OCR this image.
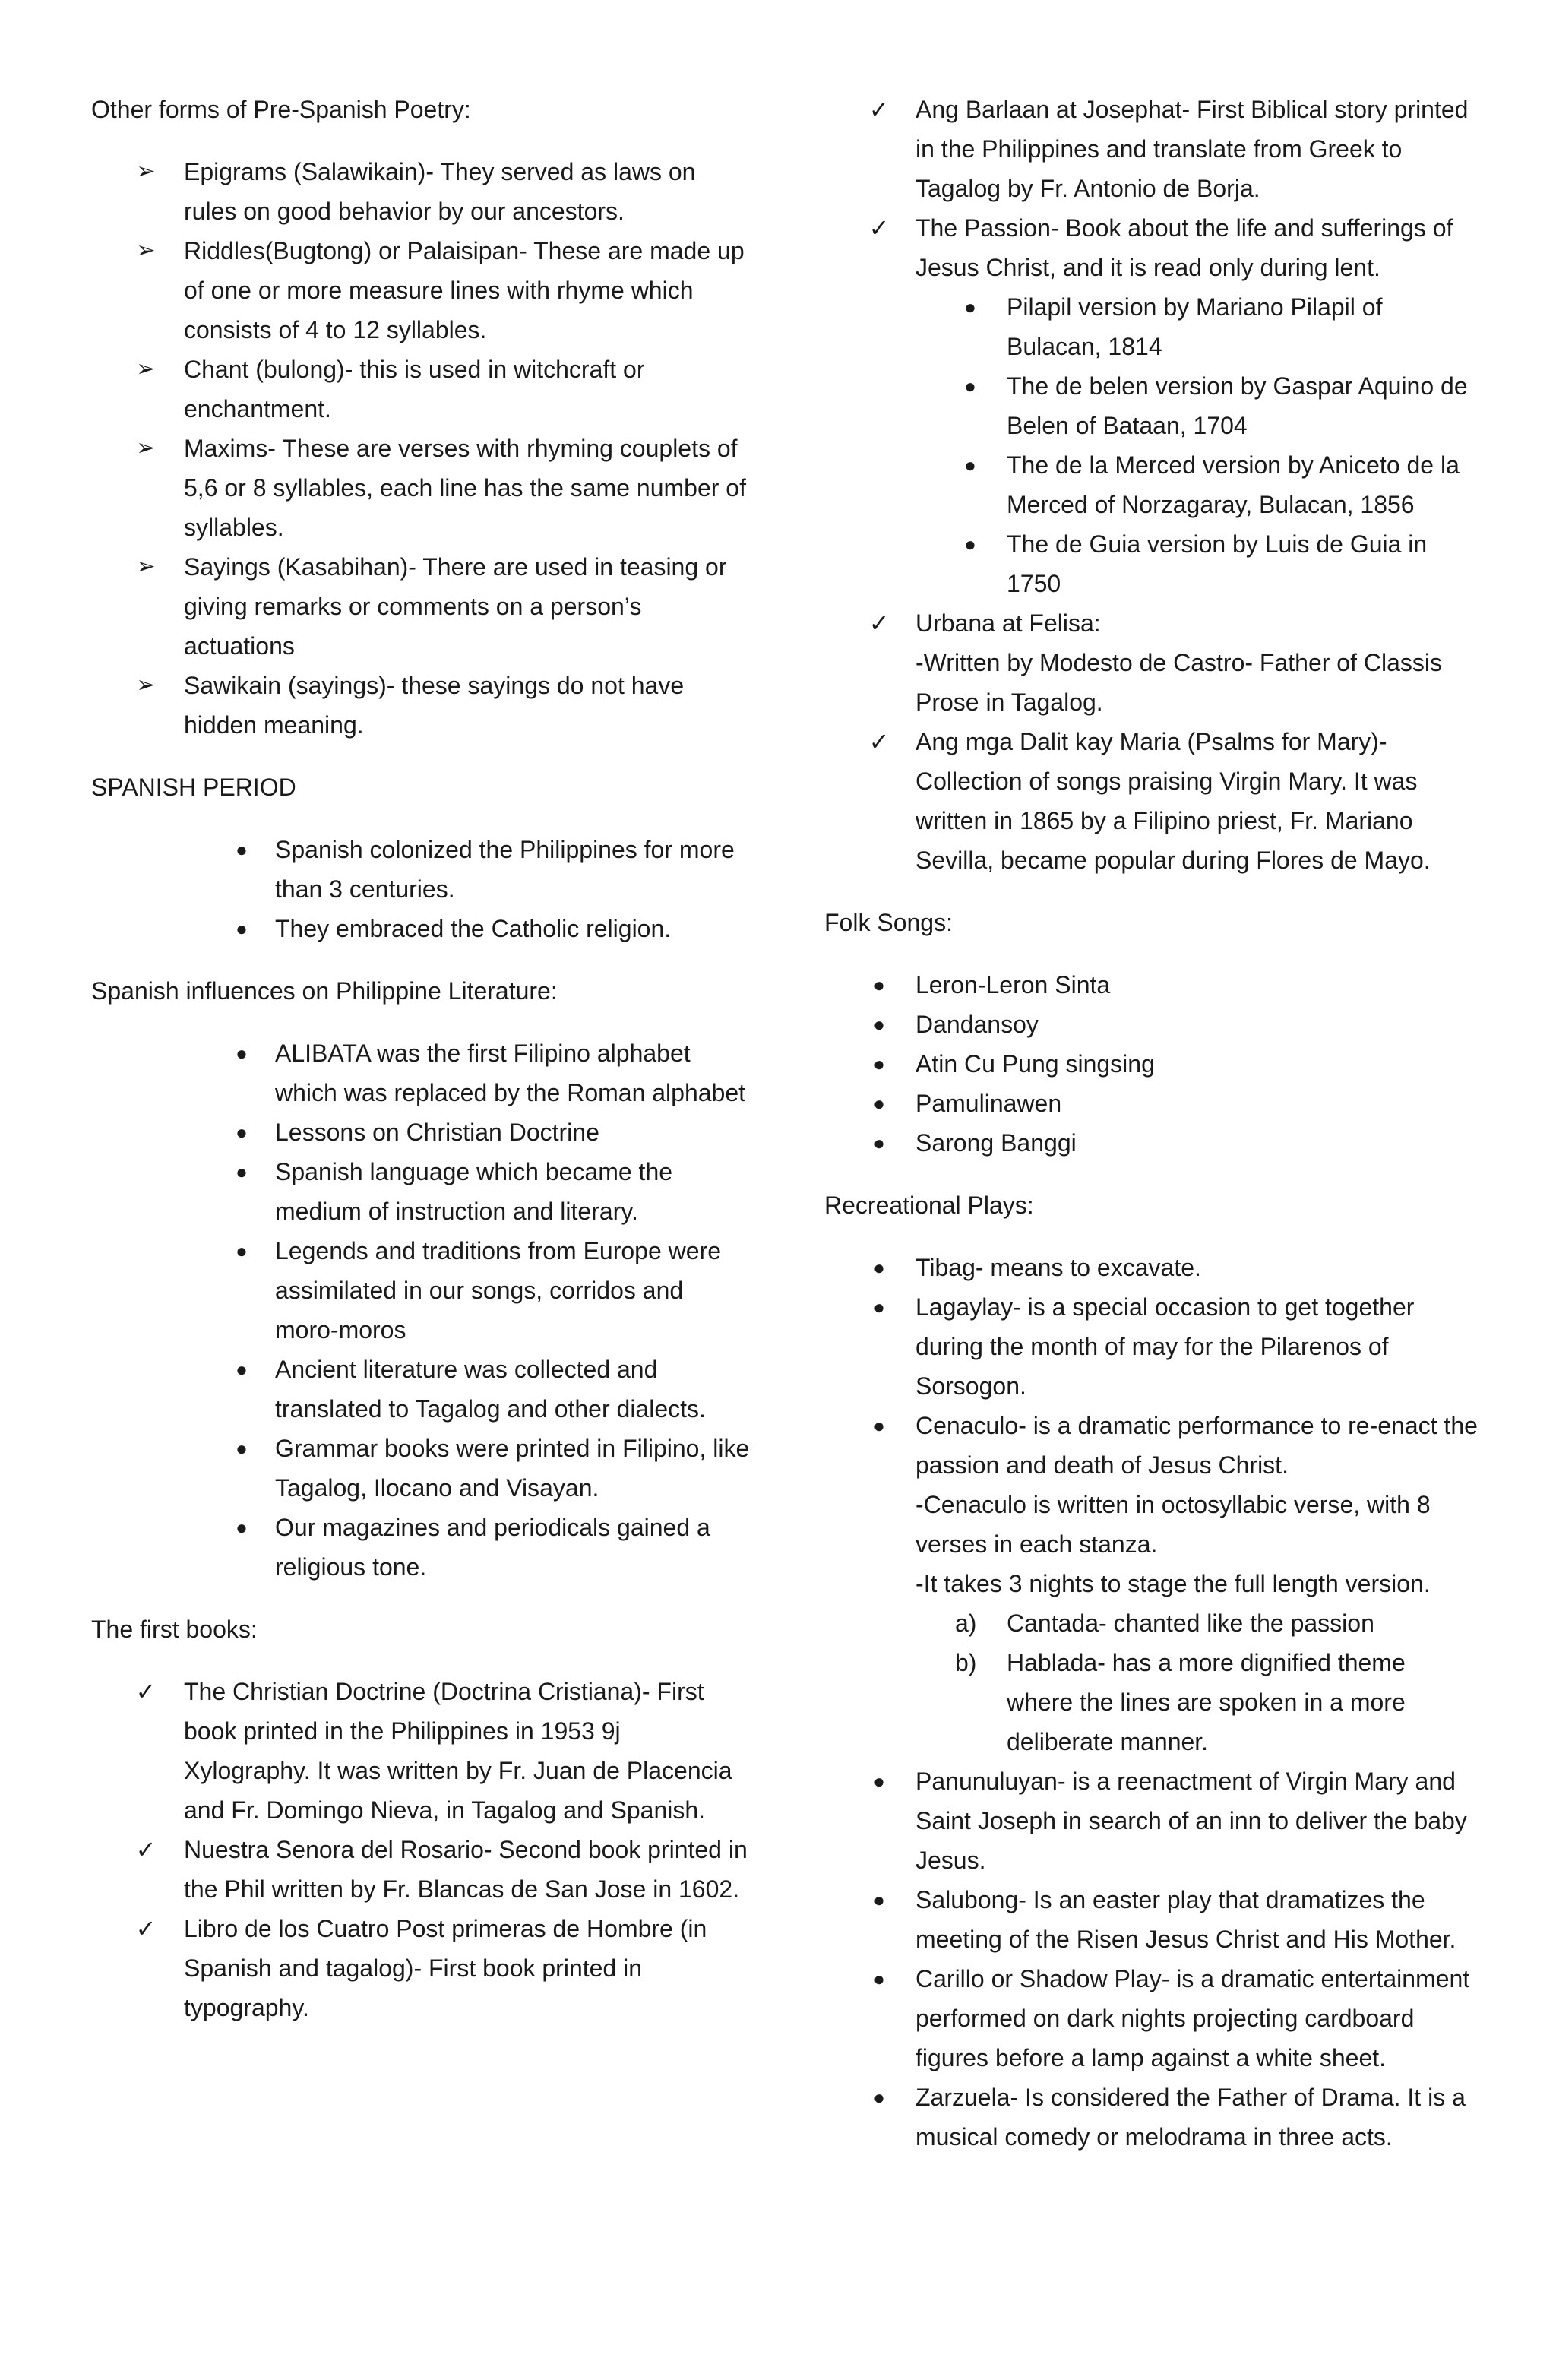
Other forms of Pre-Spanish Poetry:

➢ Epigrams (Salawikain)- They served as laws on rules on good behavior by our ancestors.
➢ Riddles(Bugtong) or Palaisipan- These are made up of one or more measure lines with rhyme which consists of 4 to 12 syllables.
➢ Chant (bulong)- this is used in witchcraft or enchantment.
➢ Maxims- These are verses with rhyming couplets of 5,6 or 8 syllables, each line has the same number of syllables.
➢ Sayings (Kasabihan)- There are used in teasing or giving remarks or comments on a person’s actuations
➢ Sawikain (sayings)- these sayings do not have hidden meaning.

SPANISH PERIOD

●	Spanish colonized the Philippines for more than 3 centuries.
●	They embraced the Catholic religion.

Spanish influences on Philippine Literature:

●	ALIBATA was the first Filipino alphabet which was replaced by the Roman alphabet
●	Lessons on Christian Doctrine
●	Spanish language which became the medium of instruction and literary.
●	Legends and traditions from Europe were assimilated in our songs, corridos and moro-moros
●	Ancient literature was collected and translated to Tagalog and other dialects.
●	Grammar books were printed in Filipino, like Tagalog, Ilocano and Visayan.
●	Our magazines and periodicals gained a religious tone.

The first books:

✓ The Christian Doctrine (Doctrina Cristiana)- First book printed in the Philippines in 1953 9j Xylography. It was written by Fr. Juan de Placencia and Fr. Domingo Nieva, in Tagalog and Spanish.
✓ Nuestra Senora del Rosario- Second book printed in the Phil written by Fr. Blancas de San Jose in 1602.
✓ Libro de los Cuatro Post primeras de Hombre (in Spanish and tagalog)- First book printed in typography.
✓ Ang Barlaan at Josephat- First Biblical story printed in the Philippines and translate from Greek to Tagalog by Fr. Antonio de Borja.
✓ The Passion- Book about the life and sufferings of Jesus Christ, and it is read only during lent.
●	Pilapil version by Mariano Pilapil of Bulacan, 1814
●	The de belen version by Gaspar Aquino de Belen of Bataan, 1704
●	The de la Merced version by Aniceto de la Merced of Norzagaray, Bulacan, 1856
●	The de Guia version by Luis de Guia in 1750
✓ Urbana at Felisa:
-Written by Modesto de Castro- Father of Classis Prose in Tagalog.
✓ Ang mga Dalit kay Maria (Psalms for Mary)- Collection of songs praising Virgin Mary. It was written in 1865 by a Filipino priest, Fr. Mariano Sevilla, became popular during Flores de Mayo.

Folk Songs:

●	Leron-Leron Sinta
●	Dandansoy
●	Atin Cu Pung singsing
●	Pamulinawen
●	Sarong Banggi

Recreational Plays:

●	Tibag- means to excavate.
●	Lagaylay- is a special occasion to get together during the month of may for the Pilarenos of Sorsogon.
●	Cenaculo- is a dramatic performance to re-enact the passion and death of Jesus Christ.
-Cenaculo is written in octosyllabic verse, with 8 verses in each stanza.
-It takes 3 nights to stage the full length version.
a)	Cantada- chanted like the passion
b)	Hablada- has a more dignified theme where the lines are spoken in a more deliberate manner.
●	Panunuluyan- is a reenactment of Virgin Mary and Saint Joseph in search of an inn to deliver the baby Jesus.
●	Salubong- Is an easter play that dramatizes the meeting of the Risen Jesus Christ and His Mother.
●	Carillo or Shadow Play- is a dramatic entertainment performed on dark nights projecting cardboard figures before a lamp against a white sheet.
●	Zarzuela- Is considered the Father of Drama. It is a musical comedy or melodrama in three acts.
